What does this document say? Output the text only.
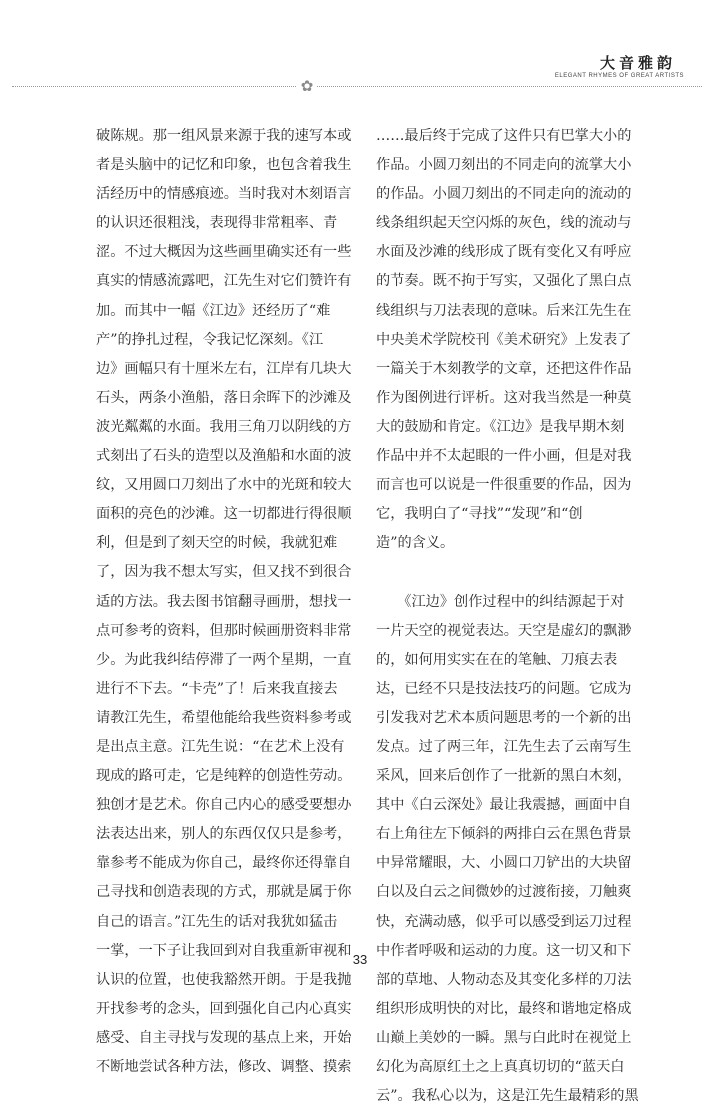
✿
大音雅韵
ELEGANT RHYMES OF GREAT ARTISTS
破陈规。那一组风景来源于我的速写本或
者是头脑中的记忆和印象，也包含着我生
活经历中的情感痕迹。当时我对木刻语言
的认识还很粗浅，表现得非常粗率、青
涩。不过大概因为这些画里确实还有一些
真实的情感流露吧，江先生对它们赞许有
加。而其中一幅《江边》还经历了“难
产”的挣扎过程，令我记忆深刻。《江
边》画幅只有十厘米左右，江岸有几块大
石头，两条小渔船，落日余晖下的沙滩及
波光粼粼的水面。我用三角刀以阴线的方
式刻出了石头的造型以及渔船和水面的波
纹，又用圆口刀刻出了水中的光斑和较大
面积的亮色的沙滩。这一切都进行得很顺
利，但是到了刻天空的时候，我就犯难
了，因为我不想太写实，但又找不到很合
适的方法。我去图书馆翻寻画册，想找一
点可参考的资料，但那时候画册资料非常
少。为此我纠结停滞了一两个星期，一直
进行不下去。“卡壳”了！后来我直接去
请教江先生，希望他能给我些资料参考或
是出点主意。江先生说：“在艺术上没有
现成的路可走，它是纯粹的创造性劳动。
独创才是艺术。你自己内心的感受要想办
法表达出来，别人的东西仅仅只是参考，
靠参考不能成为你自己，最终你还得靠自
己寻找和创造表现的方式，那就是属于你
自己的语言。”江先生的话对我犹如猛击
一掌，一下子让我回到对自我重新审视和
认识的位置，也使我豁然开朗。于是我抛
开找参考的念头，回到强化自己内心真实
感受、自主寻找与发现的基点上来，开始
不断地尝试各种方法，修改、调整、摸索
……最后终于完成了这件只有巴掌大小的
作品。小圆刀刻出的不同走向的流掌大小
的作品。小圆刀刻出的不同走向的流动的
线条组织起天空闪烁的灰色，线的流动与
水面及沙滩的线形成了既有变化又有呼应
的节奏。既不拘于写实，又强化了黑白点
线组织与刀法表现的意味。后来江先生在
中央美术学院校刊《美术研究》上发表了
一篇关于木刻教学的文章，还把这件作品
作为图例进行评析。这对我当然是一种莫
大的鼓励和肯定。《江边》是我早期木刻
作品中并不太起眼的一件小画，但是对我
而言也可以说是一件很重要的作品，因为
它，我明白了“寻找”“发现”和“创
造”的含义。
　　《江边》创作过程中的纠结源起于对
一片天空的视觉表达。天空是虚幻的飘渺
的，如何用实实在在的笔触、刀痕去表
达，已经不只是技法技巧的问题。它成为
引发我对艺术本质问题思考的一个新的出
发点。过了两三年，江先生去了云南写生
采风，回来后创作了一批新的黑白木刻，
其中《白云深处》最让我震撼，画面中自
右上角往左下倾斜的两排白云在黑色背景
中异常耀眼，大、小圆口刀铲出的大块留
白以及白云之间微妙的过渡衔接，刀触爽
快，充满动感，似乎可以感受到运刀过程
中作者呼吸和运动的力度。这一切又和下
部的草地、人物动态及其变化多样的刀法
组织形成明快的对比，最终和谐地定格成
山巅上美妙的一瞬。黑与白此时在视觉上
幻化为高原红土之上真真切切的“蓝天白
云”。我私心以为，这是江先生最精彩的黑
33
